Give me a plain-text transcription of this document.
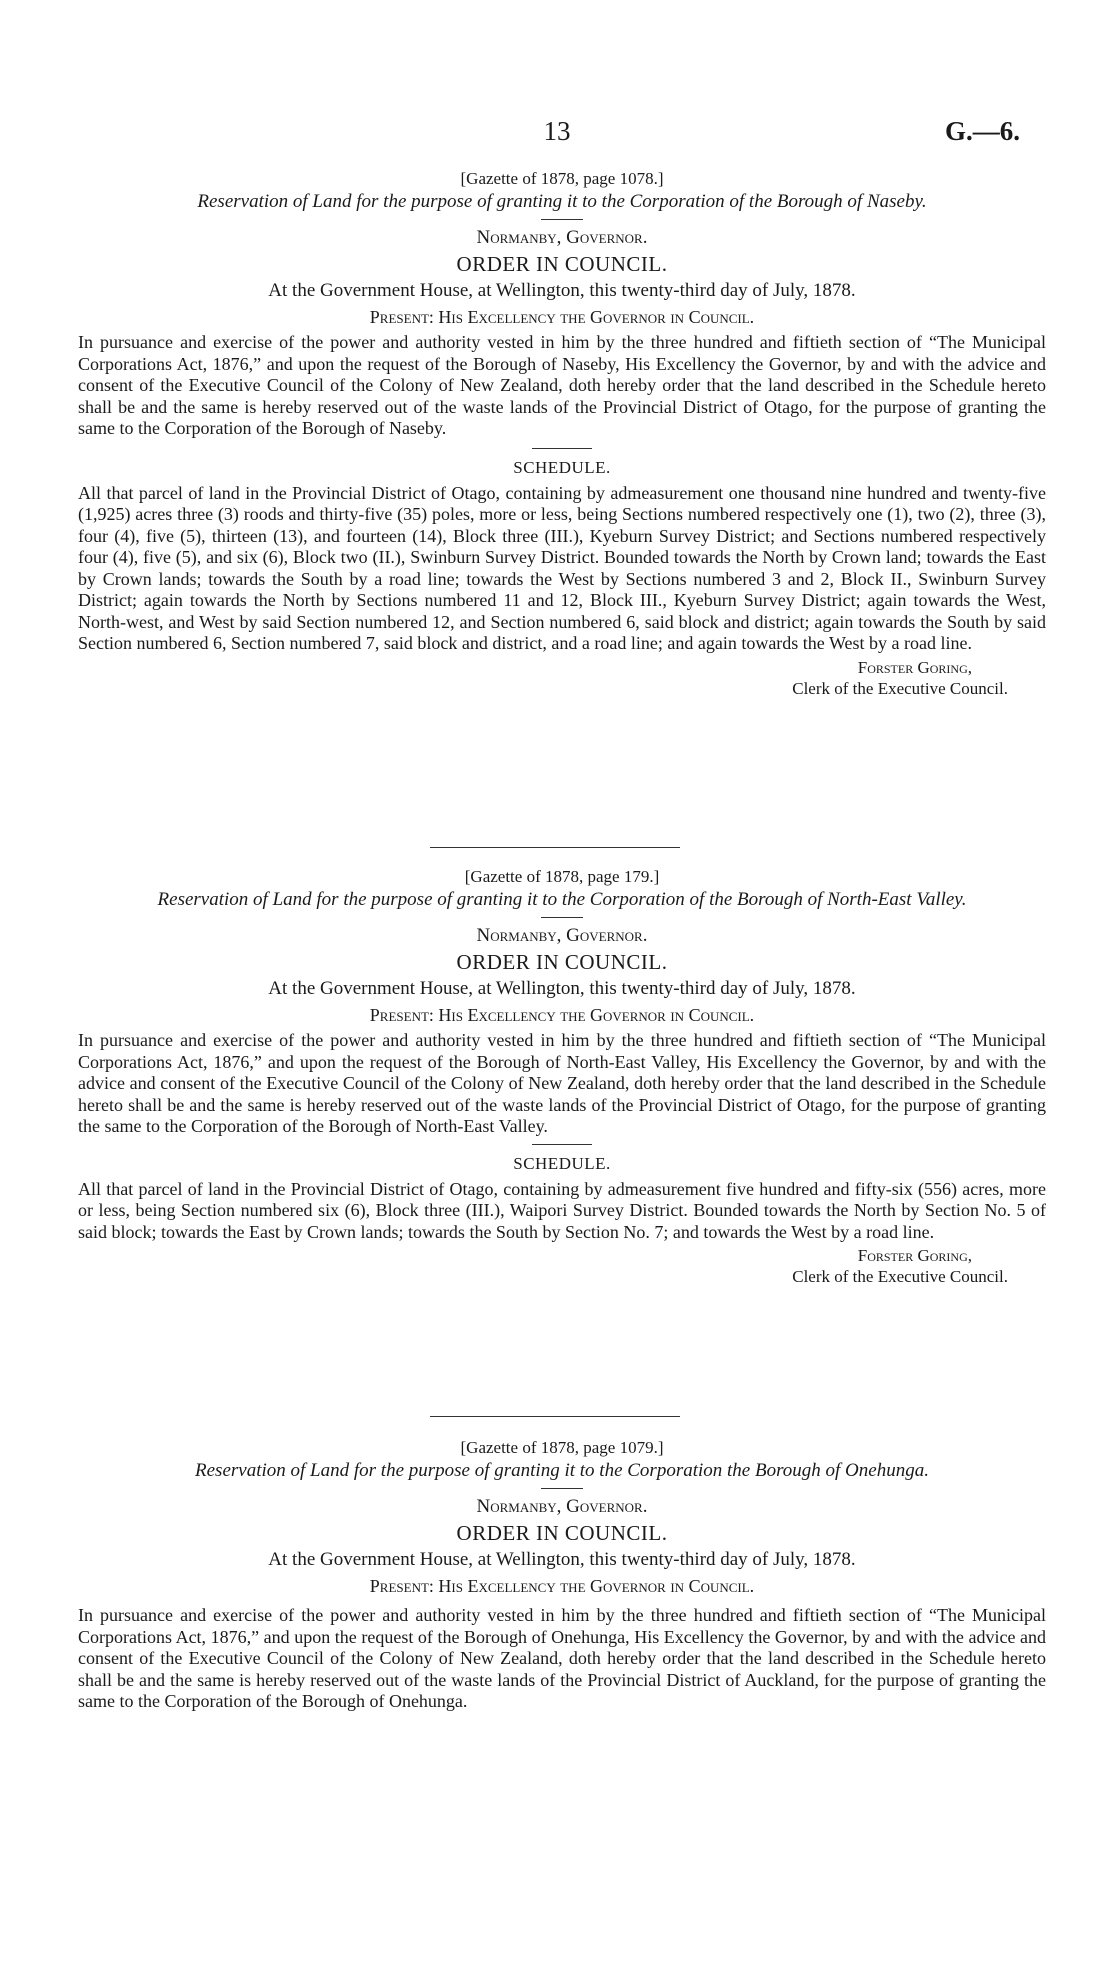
13	G.—6.
[Gazette of 1878, page 1078.]
Reservation of Land for the purpose of granting it to the Corporation of the Borough of Naseby.
Normanby, Governor.
ORDER IN COUNCIL.
At the Government House, at Wellington, this twenty-third day of July, 1878.
Present: His Excellency the Governor in Council.

In pursuance and exercise of the power and authority vested in him by the three hundred and fiftieth section of “The Municipal Corporations Act, 1876,” and upon the request of the Borough of Naseby, His Excellency the Governor, by and with the advice and consent of the Executive Council of the Colony of New Zealand, doth hereby order that the land described in the Schedule hereto shall be and the same is hereby reserved out of the waste lands of the Provincial District of Otago, for the purpose of granting the same to the Corporation of the Borough of Naseby.

SCHEDULE.

All that parcel of land in the Provincial District of Otago, containing by admeasurement one thousand nine hundred and twenty-five (1,925) acres three (3) roods and thirty-five (35) poles, more or less, being Sections numbered respectively one (1), two (2), three (3), four (4), five (5), thirteen (13), and fourteen (14), Block three (III.), Kyeburn Survey District; and Sections numbered respectively four (4), five (5), and six (6), Block two (II.), Swinburn Survey District. Bounded towards the North by Crown land; towards the East by Crown lands; towards the South by a road line; towards the West by Sections numbered 3 and 2, Block II., Swinburn Survey District; again towards the North by Sections numbered 11 and 12, Block III., Kyeburn Survey District; again towards the West, North-west, and West by said Section numbered 12, and Section numbered 6, said block and district; again towards the South by said Section numbered 6, Section numbered 7, said block and district, and a road line; and again towards the West by a road line.

Forster Goring,
Clerk of the Executive Council.
[Gazette of 1878, page 179.]
Reservation of Land for the purpose of granting it to the Corporation of the Borough of North-East Valley.
Normanby, Governor.
ORDER IN COUNCIL.
At the Government House, at Wellington, this twenty-third day of July, 1878.
Present: His Excellency the Governor in Council.

In pursuance and exercise of the power and authority vested in him by the three hundred and fiftieth section of “The Municipal Corporations Act, 1876,” and upon the request of the Borough of North-East Valley, His Excellency the Governor, by and with the advice and consent of the Executive Council of the Colony of New Zealand, doth hereby order that the land described in the Schedule hereto shall be and the same is hereby reserved out of the waste lands of the Provincial District of Otago, for the purpose of granting the same to the Corporation of the Borough of North-East Valley.

SCHEDULE.

All that parcel of land in the Provincial District of Otago, containing by admeasurement five hundred and fifty-six (556) acres, more or less, being Section numbered six (6), Block three (III.), Waipori Survey District. Bounded towards the North by Section No. 5 of said block; towards the East by Crown lands; towards the South by Section No. 7; and towards the West by a road line.

Forster Goring,
Clerk of the Executive Council.
[Gazette of 1878, page 1079.]
Reservation of Land for the purpose of granting it to the Corporation the Borough of Onehunga.
Normanby, Governor.
ORDER IN COUNCIL.
At the Government House, at Wellington, this twenty-third day of July, 1878.
Present: His Excellency the Governor in Council.

In pursuance and exercise of the power and authority vested in him by the three hundred and fiftieth section of “The Municipal Corporations Act, 1876,” and upon the request of the Borough of Onehunga, His Excellency the Governor, by and with the advice and consent of the Executive Council of the Colony of New Zealand, doth hereby order that the land described in the Schedule hereto shall be and the same is hereby reserved out of the waste lands of the Provincial District of Auckland, for the purpose of granting the same to the Corporation of the Borough of Onehunga.
